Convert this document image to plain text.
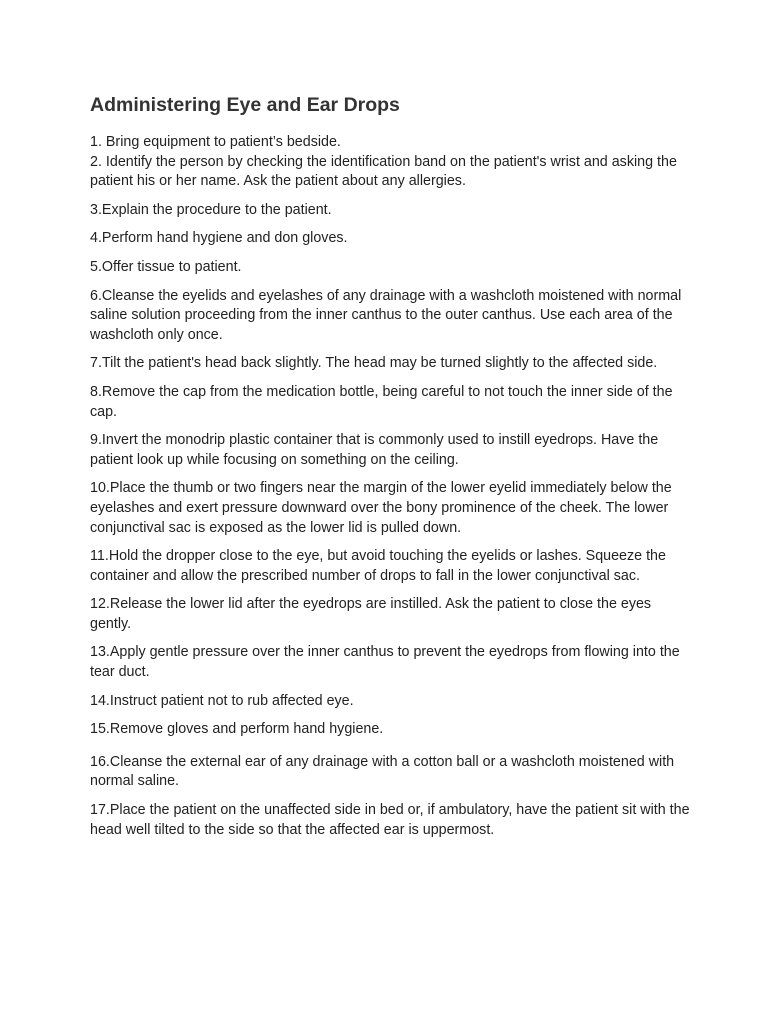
Administering Eye and Ear Drops

1. Bring equipment to patient’s bedside.

2. Identify the person by checking the identification band on the patient's wrist and asking the patient his or her name. Ask the patient about any allergies.

3.Explain the procedure to the patient.

4.Perform hand hygiene and don gloves.

5.Offer tissue to patient.

6.Cleanse the eyelids and eyelashes of any drainage with a washcloth moistened with normal saline solution proceeding from the inner canthus to the outer canthus. Use each area of the washcloth only once.

7.Tilt the patient's head back slightly. The head may be turned slightly to the affected side.

8.Remove the cap from the medication bottle, being careful to not touch the inner side of the cap.

9.Invert the monodrip plastic container that is commonly used to instill eyedrops. Have the patient look up while focusing on something on the ceiling.

10.Place the thumb or two fingers near the margin of the lower eyelid immediately below the eyelashes and exert pressure downward over the bony prominence of the cheek. The lower conjunctival sac is exposed as the lower lid is pulled down.

11.Hold the dropper close to the eye, but avoid touching the eyelids or lashes. Squeeze the container and allow the prescribed number of drops to fall in the lower conjunctival sac.

12.Release the lower lid after the eyedrops are instilled. Ask the patient to close the eyes gently.

13.Apply gentle pressure over the inner canthus to prevent the eyedrops from flowing into the tear duct.

14.Instruct patient not to rub affected eye.

15.Remove gloves and perform hand hygiene.

16.Cleanse the external ear of any drainage with a cotton ball or a washcloth moistened with normal saline.

17.Place the patient on the unaffected side in bed or, if ambulatory, have the patient sit with the head well tilted to the side so that the affected ear is uppermost.
